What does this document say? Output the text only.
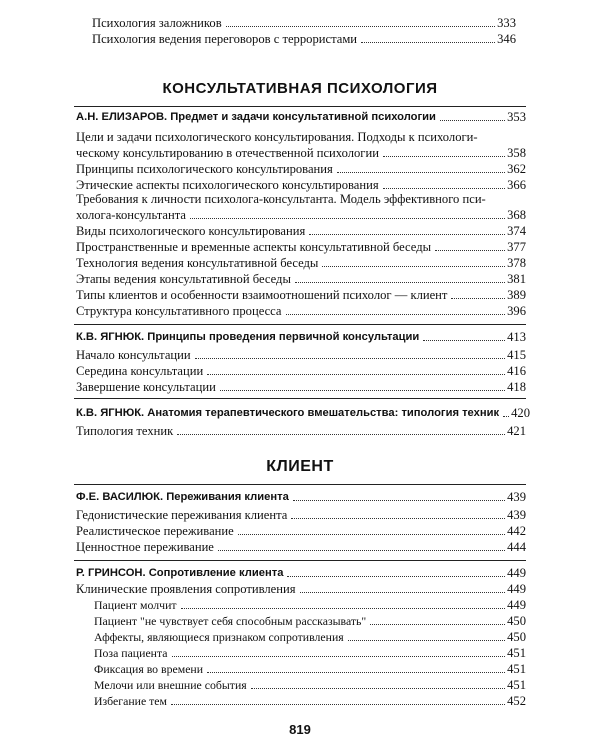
Психология заложников	333
Психология ведения переговоров с террористами	346
КОНСУЛЬТАТИВНАЯ ПСИХОЛОГИЯ
А.Н. ЕЛИЗАРОВ. Предмет и задачи консультативной психологии	353
Цели и задачи психологического консультирования. Подходы к психологи-
ческому консультированию в отечественной психологии	358
Принципы психологического консультирования	362
Этические аспекты психологического консультирования	366
Требования к личности психолога-консультанта. Модель эффективного пси-
холога-консультанта	368
Виды психологического консультирования	374
Пространственные и временные аспекты консультативной беседы	377
Технология ведения консультативной беседы	378
Этапы ведения консультативной беседы	381
Типы клиентов и особенности взаимоотношений психолог — клиент	389
Структура консультативного процесса	396
К.В. ЯГНЮК. Принципы проведения первичной консультации	413
Начало консультации	415
Середина консультации	416
Завершение консультации	418
К.В. ЯГНЮК. Анатомия терапевтического вмешательства: типология техник 420
Типология техник	421
КЛИЕНТ
Ф.Е. ВАСИЛЮК. Переживания клиента	439
Гедонистические переживания клиента	439
Реалистическое переживание	442
Ценностное переживание	444
Р. ГРИНСОН. Сопротивление клиента	449
Клинические проявления сопротивления	449
Пациент молчит	449
Пациент "не чувствует себя способным рассказывать"	450
Аффекты, являющиеся признаком сопротивления	450
Поза пациента	451
Фиксация во времени	451
Мелочи или внешние события	451
Избегание тем	452
819
